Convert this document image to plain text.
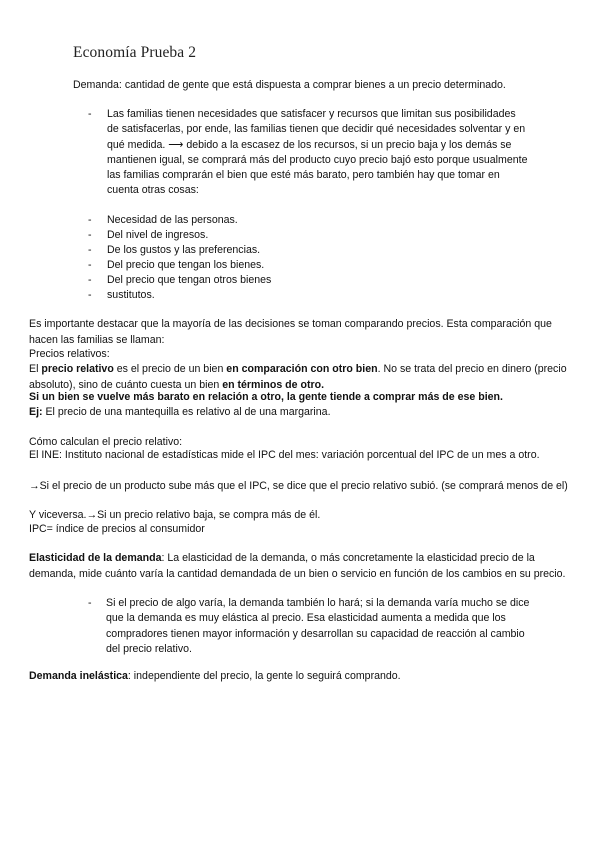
Economía Prueba 2
Demanda: cantidad de gente que está dispuesta a comprar bienes a un precio determinado.
- Las familias tienen necesidades que satisfacer y recursos que limitan sus posibilidades de satisfacerlas, por ende, las familias tienen que decidir qué necesidades solventar y en qué medida. ⟶ debido a la escasez de los recursos, si un precio baja y los demás se mantienen igual, se comprará más del producto cuyo precio bajó esto porque usualmente las familias comprarán el bien que esté más barato, pero también hay que tomar en cuenta otras cosas:
- Necesidad de las personas.
- Del nivel de ingresos.
- De los gustos y las preferencias.
- Del precio que tengan los bienes.
- Del precio que tengan otros bienes
- sustitutos.
Es importante destacar que la mayoría de las decisiones se toman comparando precios. Esta comparación que hacen las familias se llaman:
Precios relativos:
El precio relativo es el precio de un bien en comparación con otro bien. No se trata del precio en dinero (precio absoluto), sino de cuánto cuesta un bien en términos de otro.
Si un bien se vuelve más barato en relación a otro, la gente tiende a comprar más de ese bien.
Ej: El precio de una mantequilla es relativo al de una margarina.
Cómo calculan el precio relativo:
El INE: Instituto nacional de estadísticas mide el IPC del mes: variación porcentual del IPC de un mes a otro.
→Si el precio de un producto sube más que el IPC, se dice que el precio relativo subió. (se comprará menos de el)
Y viceversa.→Si un precio relativo baja, se compra más de él.
IPC= índice de precios al consumidor
Elasticidad de la demanda: La elasticidad de la demanda, o más concretamente la elasticidad precio de la demanda, mide cuánto varía la cantidad demandada de un bien o servicio en función de los cambios en su precio.
- Si el precio de algo varía, la demanda también lo hará; si la demanda varía mucho se dice que la demanda es muy elástica al precio. Esa elasticidad aumenta a medida que los compradores tienen mayor información y desarrollan su capacidad de reacción al cambio del precio relativo.
Demanda inelástica: independiente del precio, la gente lo seguirá comprando.
